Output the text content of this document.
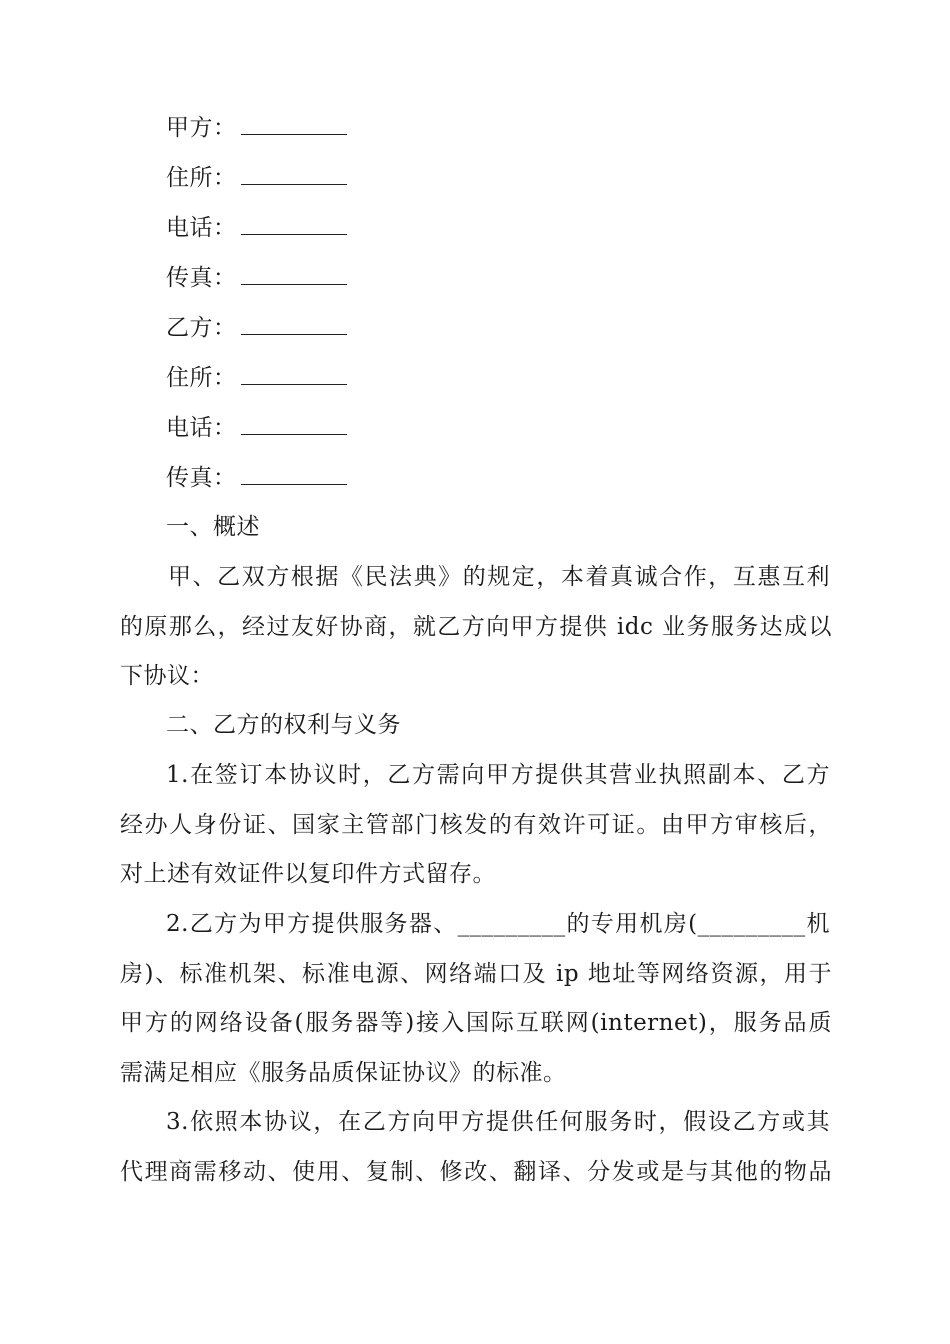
甲方：
住所：
电话：
传真：
乙方：
住所：
电话：
传真：
一、概述
甲、乙双方根据《民法典》的规定，本着真诚合作，互惠互利
的原那么，经过友好协商，就乙方向甲方提供 idc 业务服务达成以
下协议：
二、乙方的权利与义务
1.在签订本协议时，乙方需向甲方提供其营业执照副本、乙方
经办人身份证、国家主管部门核发的有效许可证。由甲方审核后，
对上述有效证件以复印件方式留存。
2.乙方为甲方提供服务器、_________的专用机房(_________机
房)、标准机架、标准电源、网络端口及 ip 地址等网络资源，用于
甲方的网络设备(服务器等)接入国际互联网(internet)，服务品质
需满足相应《服务品质保证协议》的标准。
3.依照本协议，在乙方向甲方提供任何服务时，假设乙方或其
代理商需移动、使用、复制、修改、翻译、分发或是与其他的物品
